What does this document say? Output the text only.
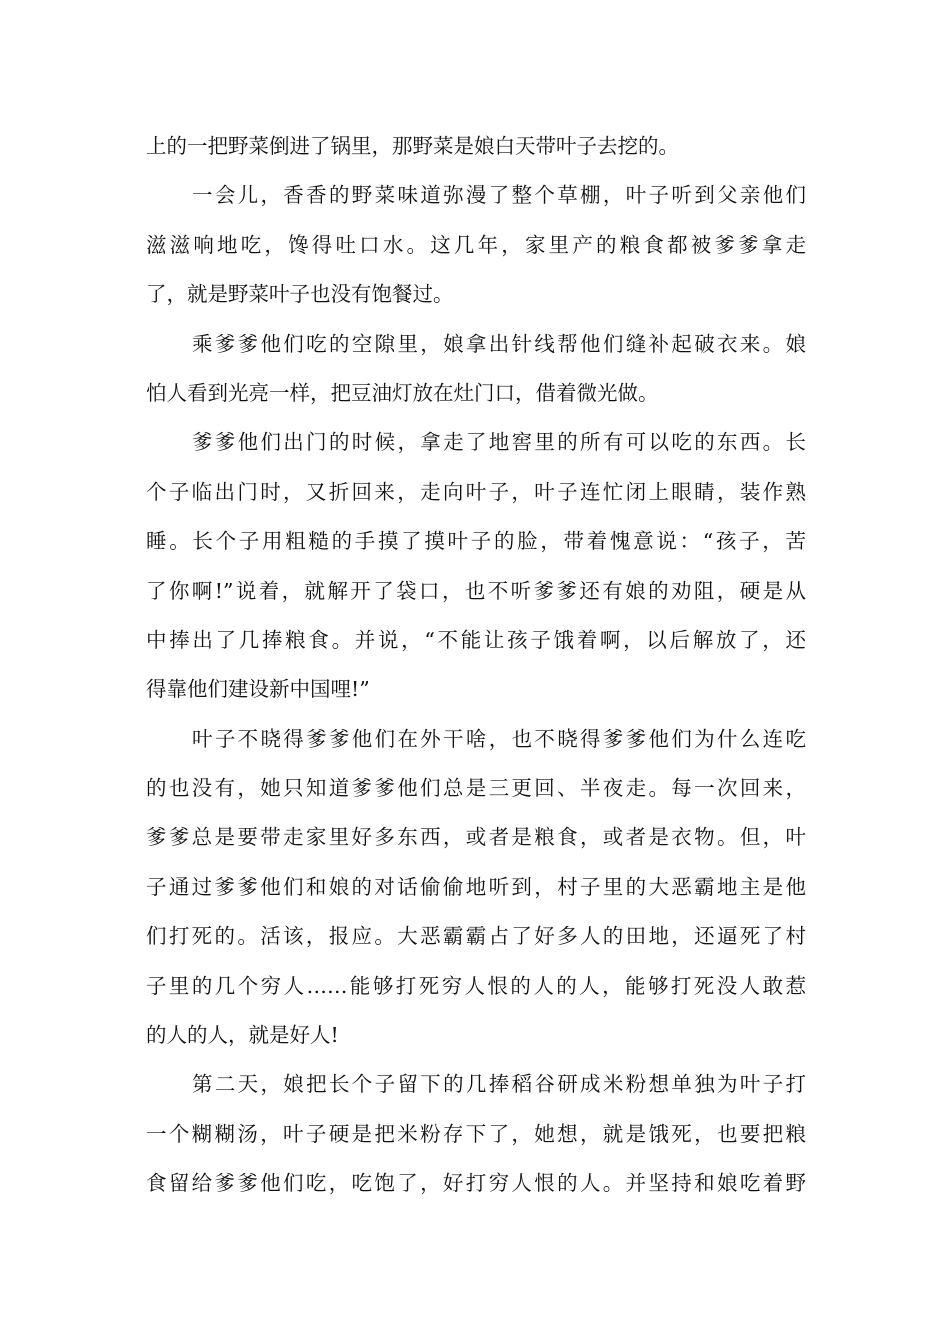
上的一把野菜倒进了锅里，那野菜是娘白天带叶子去挖的。
一会儿，香香的野菜味道弥漫了整个草棚，叶子听到父亲他们
滋滋响地吃，馋得吐口水。这几年，家里产的粮食都被爹爹拿走
了，就是野菜叶子也没有饱餐过。
乘爹爹他们吃的空隙里，娘拿出针线帮他们缝补起破衣来。娘
怕人看到光亮一样，把豆油灯放在灶门口，借着微光做。
爹爹他们出门的时候，拿走了地窖里的所有可以吃的东西。长
个子临出门时，又折回来，走向叶子，叶子连忙闭上眼睛，装作熟
睡。长个子用粗糙的手摸了摸叶子的脸，带着愧意说：“孩子，苦
了你啊!”说着，就解开了袋口，也不听爹爹还有娘的劝阻，硬是从
中捧出了几捧粮食。并说，“不能让孩子饿着啊，以后解放了，还
得靠他们建设新中国哩!”
叶子不晓得爹爹他们在外干啥，也不晓得爹爹他们为什么连吃
的也没有，她只知道爹爹他们总是三更回、半夜走。每一次回来，
爹爹总是要带走家里好多东西，或者是粮食，或者是衣物。但，叶
子通过爹爹他们和娘的对话偷偷地听到，村子里的大恶霸地主是他
们打死的。活该，报应。大恶霸霸占了好多人的田地，还逼死了村
子里的几个穷人……能够打死穷人恨的人的人，能够打死没人敢惹
的人的人，就是好人!
第二天，娘把长个子留下的几捧稻谷研成米粉想单独为叶子打
一个糊糊汤，叶子硬是把米粉存下了，她想，就是饿死，也要把粮
食留给爹爹他们吃，吃饱了，好打穷人恨的人。并坚持和娘吃着野
